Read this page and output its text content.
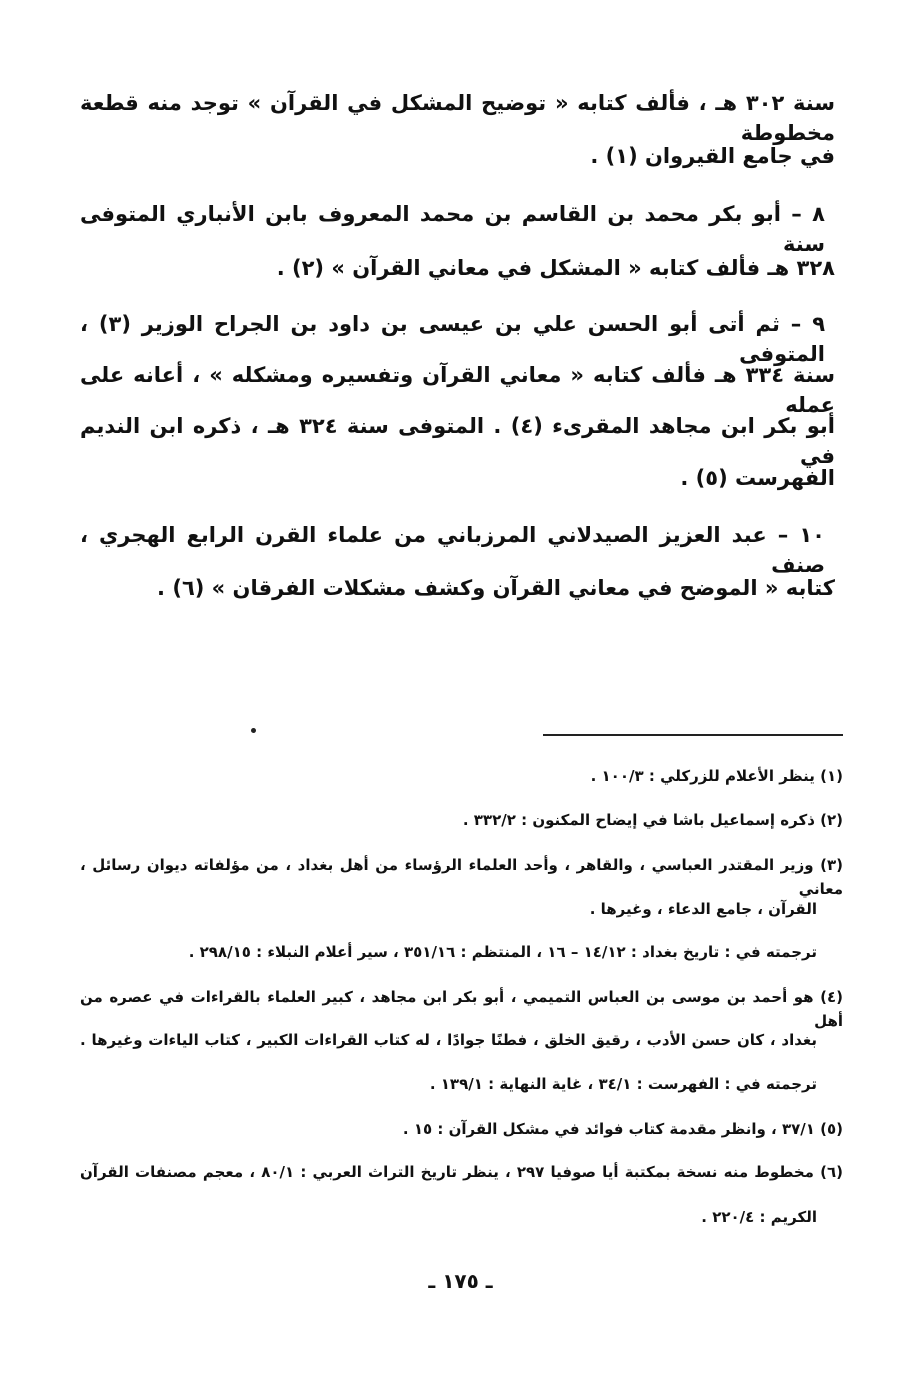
سنة ٣٠٢ هـ ، فألف كتابه « توضيح المشكل في القرآن » توجد منه قطعة مخطوطة
في جامع القيروان (١) .
٨ – أبو بكر محمد بن القاسم بن محمد المعروف بابن الأنباري المتوفى سنة
٣٢٨ هـ فألف كتابه « المشكل في معاني القرآن » (٢) .
٩ – ثم أتى أبو الحسن علي بن عيسى بن داود بن الجراح الوزير (٣) ، المتوفى
سنة ٣٣٤ هـ فألف كتابه « معاني القرآن وتفسيره ومشكله » ، أعانه على عمله
أبو بكر ابن مجاهد المقرىء (٤) . المتوفى سنة ٣٢٤ هـ ، ذكره ابن النديم في
الفهرست (٥) .
١٠ – عبد العزيز الصيدلاني المرزباني من علماء القرن الرابع الهجري ، صنف
كتابه « الموضح في معاني القرآن وكشف مشكلات الفرقان » (٦) .
(١) ينظر الأعلام للزركلي : ١٠٠/٣ .
(٢) ذكره إسماعيل باشا في إيضاح المكنون : ٣٣٢/٢ .
(٣) وزير المقتدر العباسي ، والقاهر ، وأحد العلماء الرؤساء من أهل بغداد ، من مؤلفاته ديوان رسائل ، معاني
القرآن ، جامع الدعاء ، وغيرها .
ترجمته في : تاريخ بغداد : ١٤/١٢ – ١٦ ، المنتظم : ٣٥١/١٦ ، سير أعلام النبلاء : ٢٩٨/١٥ .
(٤) هو أحمد بن موسى بن العباس التميمي ، أبو بكر ابن مجاهد ، كبير العلماء بالقراءات في عصره من أهل
بغداد ، كان حسن الأدب ، رقيق الخلق ، فطنًا جوادًا ، له كتاب القراءات الكبير ، كتاب الياءات وغيرها .
ترجمته في : الفهرست : ٣٤/١ ، غاية النهاية : ١٣٩/١ .
(٥) ٣٧/١ ، وانظر مقدمة كتاب فوائد في مشكل القرآن : ١٥ .
(٦) مخطوط منه نسخة بمكتبة أيا صوفيا ٢٩٧ ، ينظر تاريخ التراث العربي : ٨٠/١ ، معجم مصنفات القرآن
الكريم : ٢٢٠/٤ .
ـ ١٧٥ ـ
